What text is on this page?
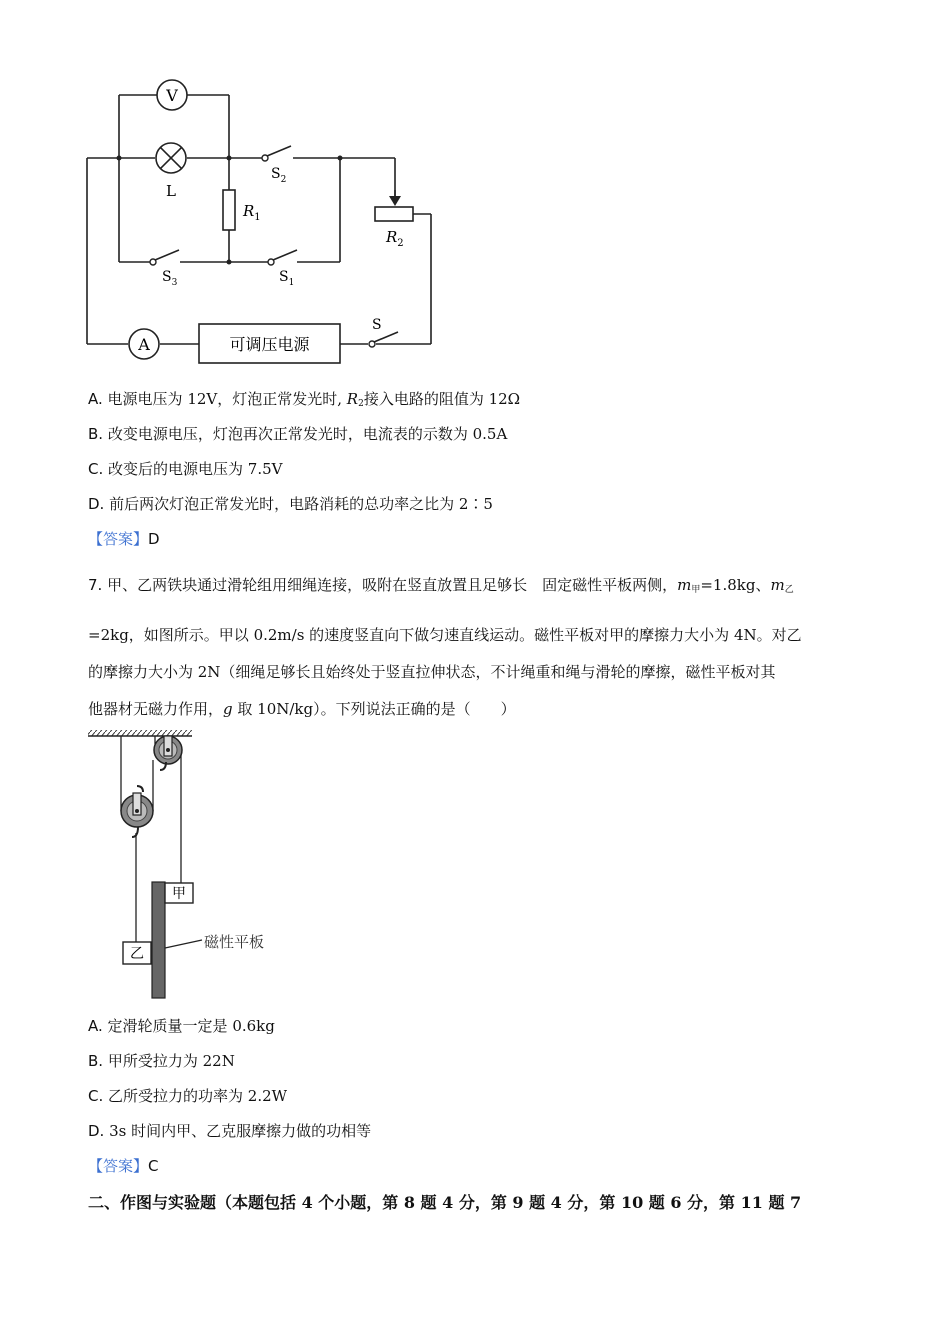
V
L
$R_1$
$S_2$
$S_3$	$S_1$
$R_2$
A	可调压电源
S
A. 电源电压为 12V，灯泡正常发光时, $R_2$接入电路的阻值为 12Ω
B. 改变电源电压，灯泡再次正常发光时，电流表的示数为 0.5A
C. 改变后的电源电压为 7.5V
D. 前后两次灯泡正常发光时，电路消耗的总功率之比为 2∶5
【答案】D
7. 甲、乙两铁块通过滑轮组用细绳连接，吸附在竖直放置且足够长　固定磁性平板两侧，$m_甲=1.8kg$、$m_乙$
=2kg，如图所示。甲以 0.2m/s 的速度竖直向下做匀速直线运动。磁性平板对甲的摩擦力大小为 4N。对乙
的摩擦力大小为 2N（细绳足够长且始终处于竖直拉伸状态，不计绳重和绳与滑轮的摩擦，磁性平板对其
他器材无磁力作用，g 取 10N/kg）。下列说法正确的是（　　）
甲
乙
磁性平板
A. 定滑轮质量一定是 0.6kg
B. 甲所受拉力为 22N
C. 乙所受拉力的功率为 2.2W
D. 3s 时间内甲、乙克服摩擦力做的功相等
【答案】C
二、作图与实验题（本题包括 4 个小题，第 8 题 4 分，第 9 题 4 分，第 10 题 6 分，第 11 题 7
